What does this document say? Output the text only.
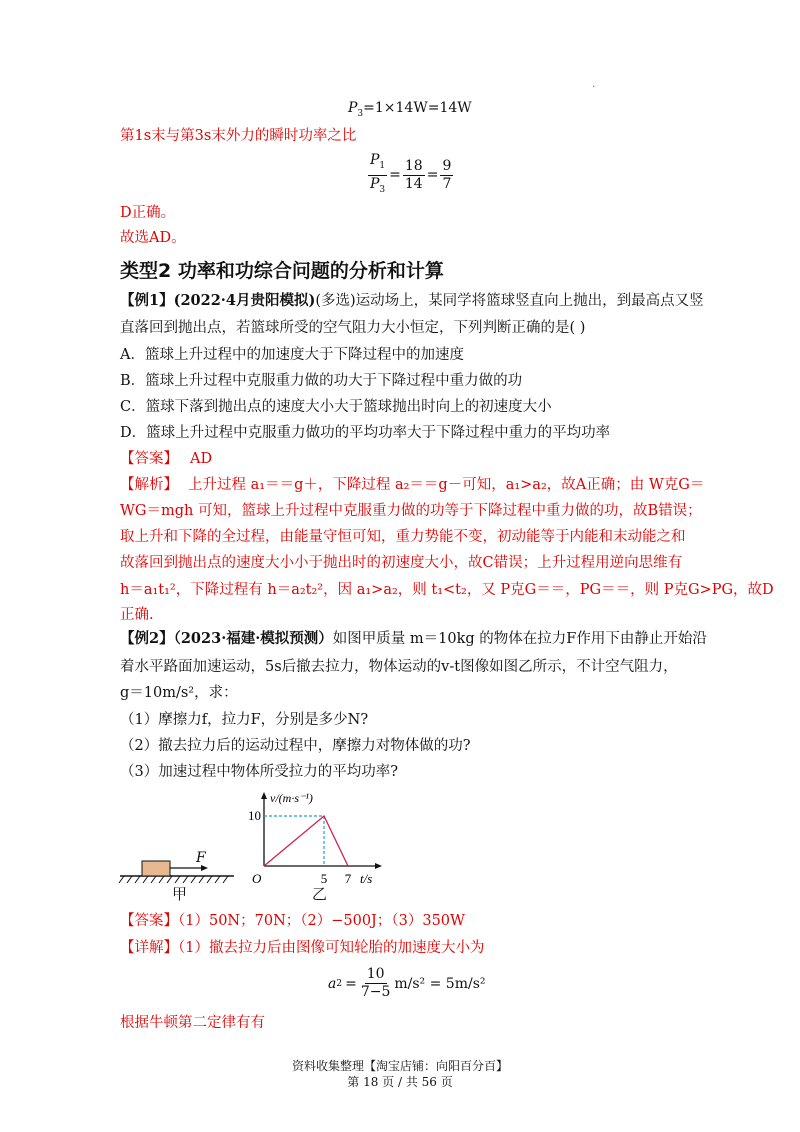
·
$P_3=1\times 14W=14W$
第1s末与第3s末外力的瞬时功率之比
$\frac{P_1}{P_3} = \frac{18}{14} = \frac{9}{7}$
D正确。
故选AD。
类型2 功率和功综合问题的分析和计算
【例1】(2022·4月贵阳模拟)(多选)运动场上，某同学将篮球竖直向上抛出，到最高点又竖
直落回到抛出点，若篮球所受的空气阻力大小恒定，下列判断正确的是( )
A．篮球上升过程中的加速度大于下降过程中的加速度
B．篮球上升过程中克服重力做的功大于下降过程中重力做的功
C．篮球下落到抛出点的速度大小大于篮球抛出时向上的初速度大小
D．篮球上升过程中克服重力做功的平均功率大于下降过程中重力的平均功率
【答案】 AD
【解析】 上升过程 a₁＝＝g＋，下降过程 a₂＝＝g－可知，a₁>a₂，故A正确；由 W克G＝
WG＝mgh 可知，篮球上升过程中克服重力做的功等于下降过程中重力做的功，故B错误；
取上升和下降的全过程，由能量守恒可知，重力势能不变，初动能等于内能和末动能之和
故落回到抛出点的速度大小小于抛出时的初速度大小，故C错误；上升过程用逆向思维有
h＝a₁t₁²，下降过程有 h＝a₂t₂²，因 a₁>a₂，则 t₁<t₂，又 P克G＝＝，PG＝＝，则 P克G>PG，故D
正确.
【例2】（2023·福建·模拟预测）如图甲质量 m＝10kg 的物体在拉力F作用下由静止开始沿
着水平路面加速运动，5s后撤去拉力，物体运动的v-t图像如图乙所示，不计空气阻力，
g＝10m/s²，求：
（1）摩擦力f，拉力F，分别是多少N?
（2）撤去拉力后的运动过程中，摩擦力对物体做的功?
（3）加速过程中物体所受拉力的平均功率?
F
甲
v/(m·s⁻¹)
10
O	5 7 t/s
乙
【答案】（1）50N；70N；（2）−500J；（3）350W
【详解】（1）撤去拉力后由图像可知轮胎的加速度大小为
a $2 = \frac{10}{7-5} m/s^2 = 5m/s^2$
根据牛顿第二定律有有
资料收集整理【淘宝店铺：向阳百分百】
第 18 页 / 共 56 页
